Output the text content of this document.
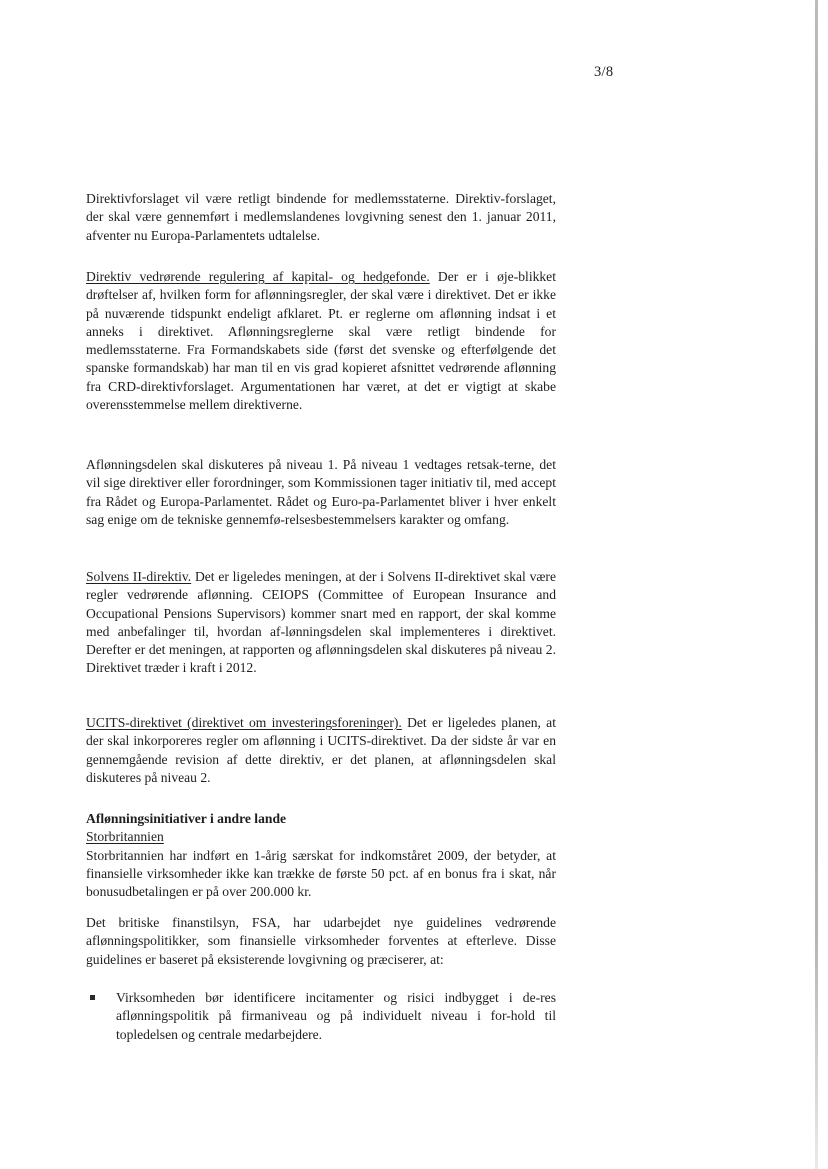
3/8
Direktivforslaget vil være retligt bindende for medlemsstaterne. Direktiv-forslaget, der skal være gennemført i medlemslandenes lovgivning senest den 1. januar 2011, afventer nu Europa-Parlamentets udtalelse.
Direktiv vedrørende regulering af kapital- og hedgefonde. Der er i øje-blikket drøftelser af, hvilken form for aflønningsregler, der skal være i direktivet. Det er ikke på nuværende tidspunkt endeligt afklaret. Pt. er reglerne om aflønning indsat i et anneks i direktivet. Aflønningsreglerne skal være retligt bindende for medlemsstaterne. Fra Formandskabets side (først det svenske og efterfølgende det spanske formandskab) har man til en vis grad kopieret afsnittet vedrørende aflønning fra CRD-direktivforslaget. Argumentationen har været, at det er vigtigt at skabe overensstemmelse mellem direktiverne.
Aflønningsdelen skal diskuteres på niveau 1. På niveau 1 vedtages retsak-terne, det vil sige direktiver eller forordninger, som Kommissionen tager initiativ til, med accept fra Rådet og Europa-Parlamentet. Rådet og Euro-pa-Parlamentet bliver i hver enkelt sag enige om de tekniske gennemfø-relsesbestemmelsers karakter og omfang.
Solvens II-direktiv. Det er ligeledes meningen, at der i Solvens II-direktivet skal være regler vedrørende aflønning. CEIOPS (Committee of European Insurance and Occupational Pensions Supervisors) kommer snart med en rapport, der skal komme med anbefalinger til, hvordan af-lønningsdelen skal implementeres i direktivet. Derefter er det meningen, at rapporten og aflønningsdelen skal diskuteres på niveau 2. Direktivet træder i kraft i 2012.
UCITS-direktivet (direktivet om investeringsforeninger). Det er ligeledes planen, at der skal inkorporeres regler om aflønning i UCITS-direktivet. Da der sidste år var en gennemgående revision af dette direktiv, er det planen, at aflønningsdelen skal diskuteres på niveau 2.
Aflønningsinitiativer i andre lande
Storbritannien
Storbritannien har indført en 1-årig særskat for indkomståret 2009, der betyder, at finansielle virksomheder ikke kan trække de første 50 pct. af en bonus fra i skat, når bonusudbetalingen er på over 200.000 kr.
Det britiske finanstilsyn, FSA, har udarbejdet nye guidelines vedrørende aflønningspolitikker, som finansielle virksomheder forventes at efterleve. Disse guidelines er baseret på eksisterende lovgivning og præciserer, at:
Virksomheden bør identificere incitamenter og risici indbygget i de-res aflønningspolitik på firmaniveau og på individuelt niveau i for-hold til topledelsen og centrale medarbejdere.
